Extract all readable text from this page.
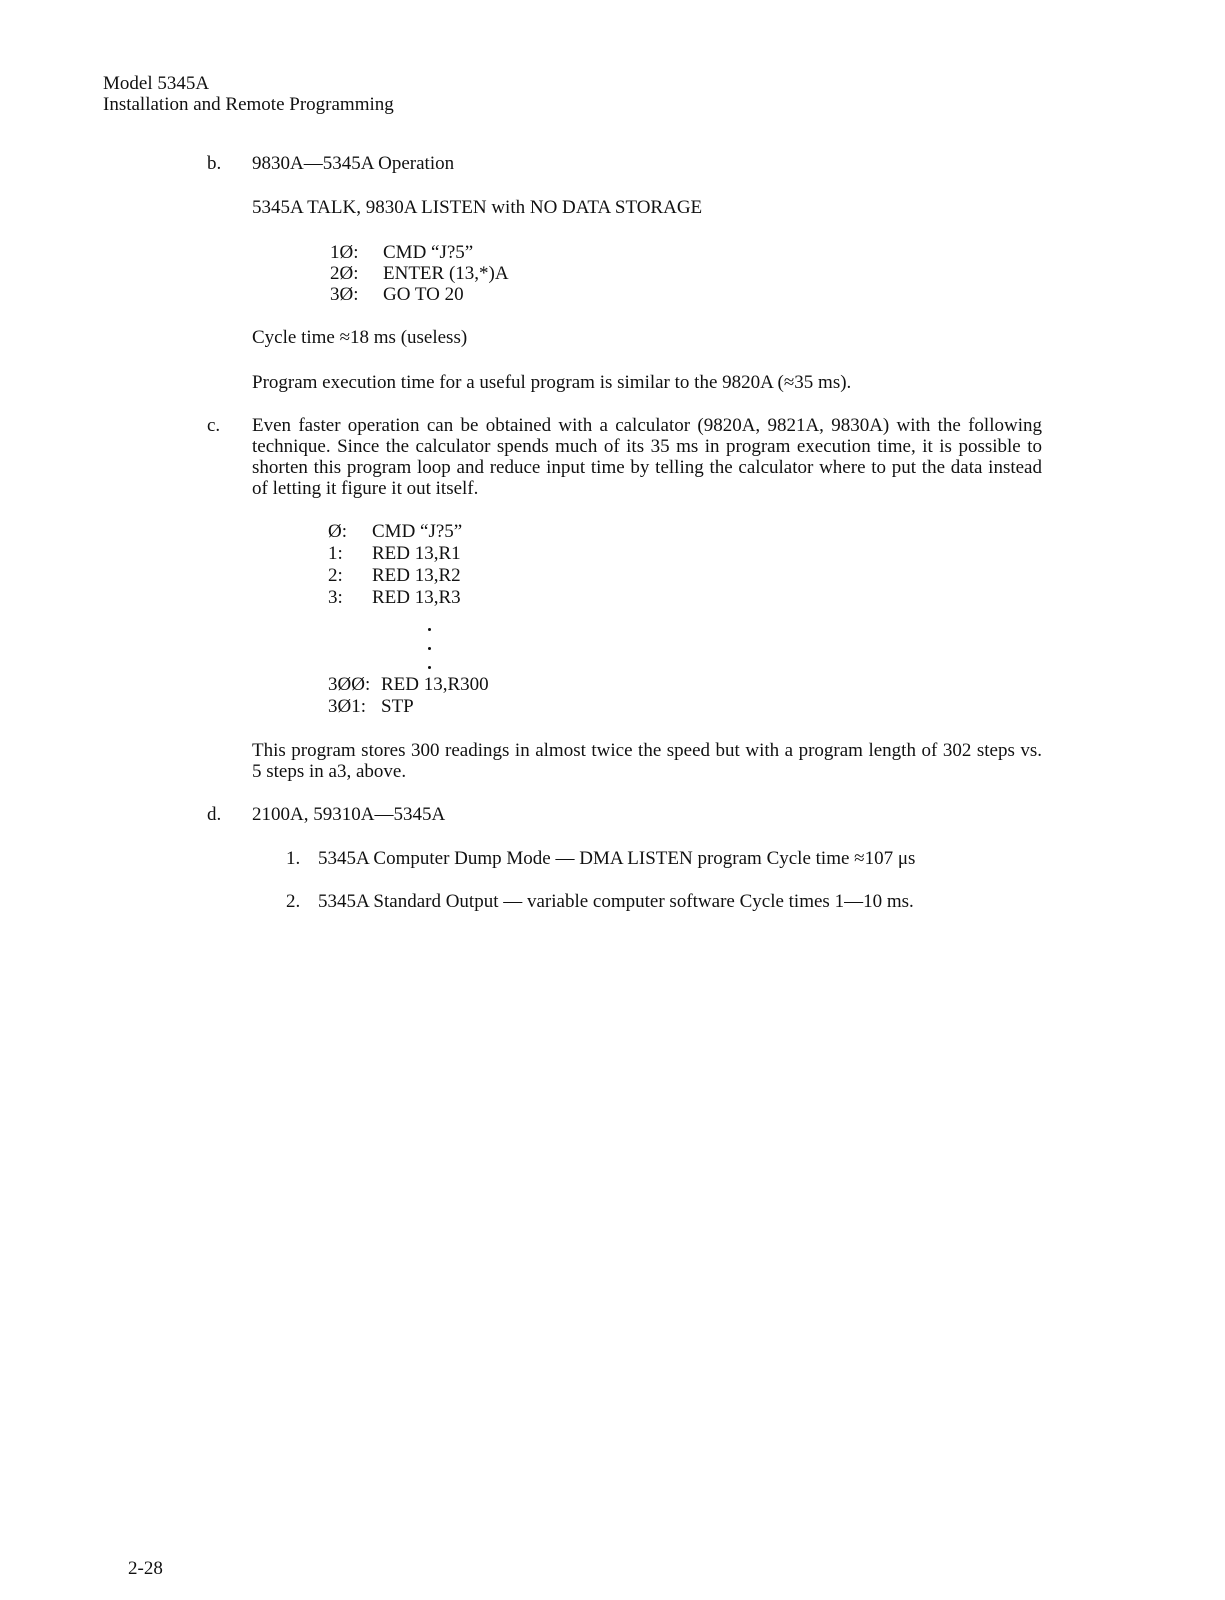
Model 5345A
Installation and Remote Programming
b. 9830A—5345A Operation
5345A TALK, 9830A LISTEN with NO DATA STORAGE
1Ø: CMD “J?5”
2Ø: ENTER (13,*)A
3Ø: GO TO 20
Cycle time ≈18 ms (useless)
Program execution time for a useful program is similar to the 9820A (≈35 ms).
c. Even faster operation can be obtained with a calculator (9820A, 9821A, 9830A) with the following technique. Since the calculator spends much of its 35 ms in program execution time, it is possible to shorten this program loop and reduce input time by telling the calculator where to put the data instead of letting it figure it out itself.
Ø: CMD “J?5”
1: RED 13,R1
2: RED 13,R2
3: RED 13,R3
3ØØ: RED 13,R300
3Ø1: STP
This program stores 300 readings in almost twice the speed but with a program length of 302 steps vs. 5 steps in a3, above.
d. 2100A, 59310A—5345A
1. 5345A Computer Dump Mode — DMA LISTEN program Cycle time ≈107 μs
2. 5345A Standard Output — variable computer software Cycle times 1—10 ms.
2-28
